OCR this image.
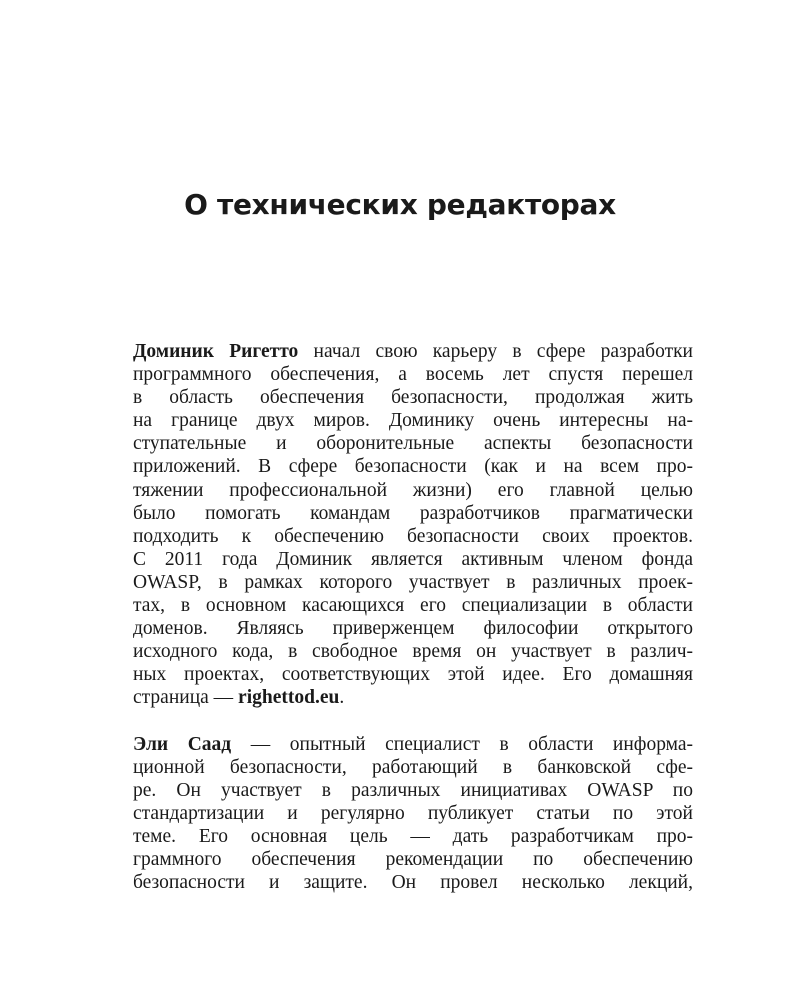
О технических редакторах

Доминик Ригетто начал свою карьеру в сфере разработки
программного обеспечения, а восемь лет спустя перешел
в область обеспечения безопасности, продолжая жить
на границе двух миров. Доминику очень интересны на-
ступательные и оборонительные аспекты безопасности
приложений. В сфере безопасности (как и на всем про-
тяжении профессиональной жизни) его главной целью
было помогать командам разработчиков прагматически
подходить к обеспечению безопасности своих проектов.
С 2011 года Доминик является активным членом фонда
OWASP, в рамках которого участвует в различных проек-
тах, в основном касающихся его специализации в области
доменов. Являясь приверженцем философии открытого
исходного кода, в свободное время он участвует в различ-
ных проектах, соответствующих этой идее. Его домашняя
страница — righettod.eu.

Эли Саад — опытный специалист в области информа-
ционной безопасности, работающий в банковской сфе-
ре. Он участвует в различных инициативах OWASP по
стандартизации и регулярно публикует статьи по этой
теме. Его основная цель — дать разработчикам про-
граммного обеспечения рекомендации по обеспечению
безопасности и защите. Он провел несколько лекций,
